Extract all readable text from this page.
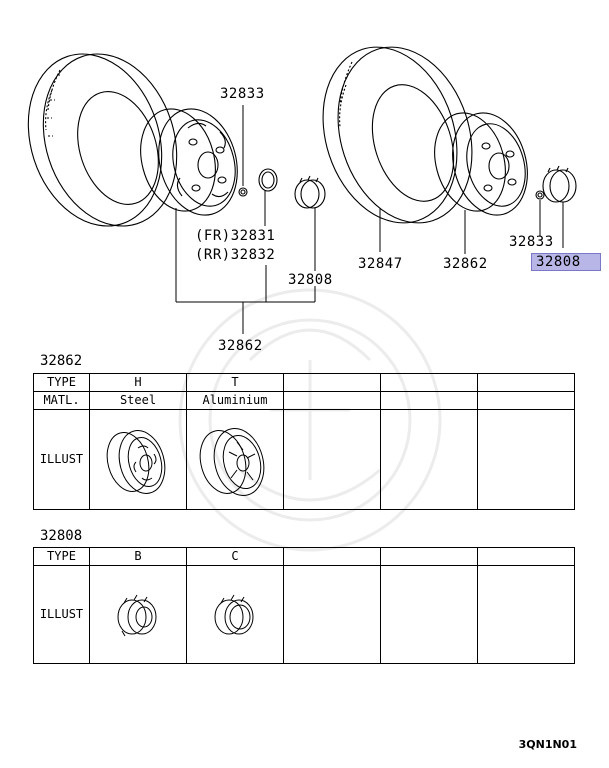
32833
(FR)32831
(RR)32832
32808
32862
32847	32862
32833
32808
32862
TYPE	H	T			
MATL.	Steel	Aluminium			
ILLUST	

32808
TYPE	B	C			
ILLUST	

3QN1N01
